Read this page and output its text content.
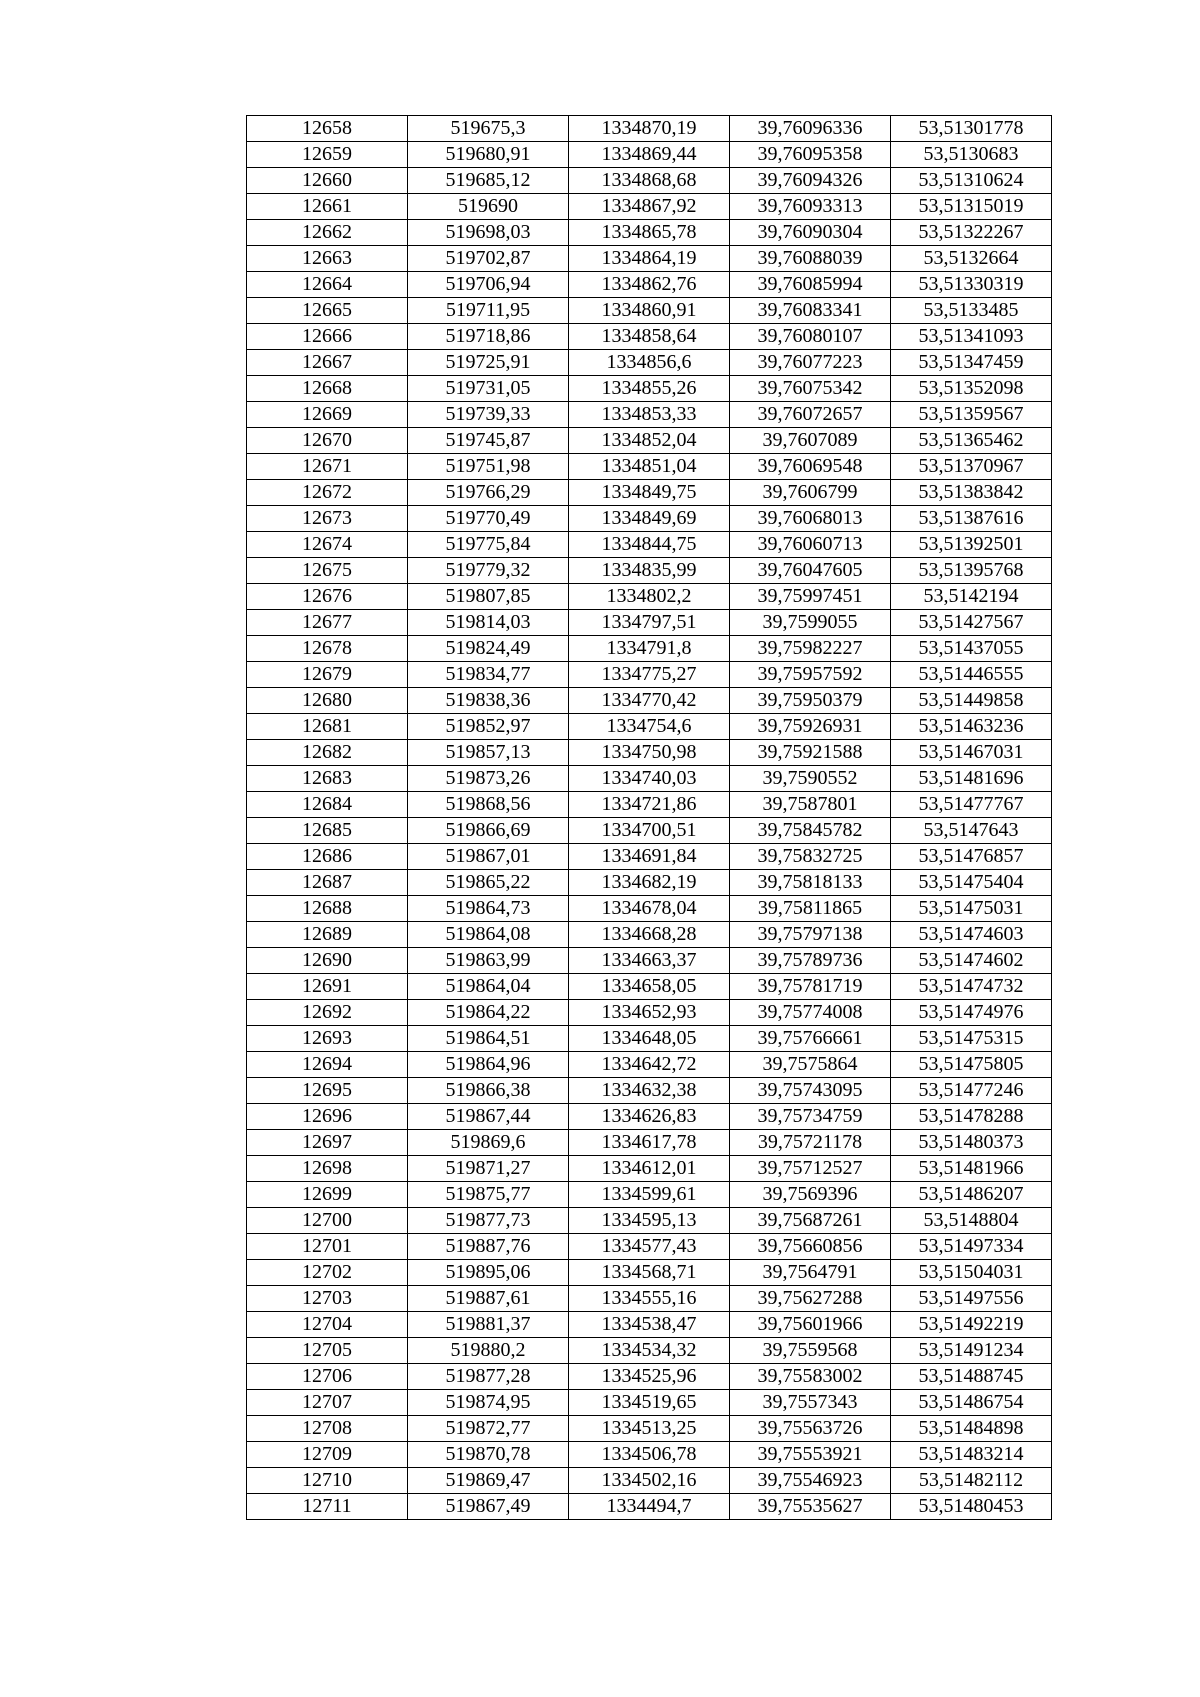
12658	519675,3	1334870,19	39,76096336	53,51301778
12659	519680,91	1334869,44	39,76095358	53,5130683
12660	519685,12	1334868,68	39,76094326	53,51310624
12661	519690	1334867,92	39,76093313	53,51315019
12662	519698,03	1334865,78	39,76090304	53,51322267
12663	519702,87	1334864,19	39,76088039	53,5132664
12664	519706,94	1334862,76	39,76085994	53,51330319
12665	519711,95	1334860,91	39,76083341	53,5133485
12666	519718,86	1334858,64	39,76080107	53,51341093
12667	519725,91	1334856,6	39,76077223	53,51347459
12668	519731,05	1334855,26	39,76075342	53,51352098
12669	519739,33	1334853,33	39,76072657	53,51359567
12670	519745,87	1334852,04	39,7607089	53,51365462
12671	519751,98	1334851,04	39,76069548	53,51370967
12672	519766,29	1334849,75	39,7606799	53,51383842
12673	519770,49	1334849,69	39,76068013	53,51387616
12674	519775,84	1334844,75	39,76060713	53,51392501
12675	519779,32	1334835,99	39,76047605	53,51395768
12676	519807,85	1334802,2	39,75997451	53,5142194
12677	519814,03	1334797,51	39,7599055	53,51427567
12678	519824,49	1334791,8	39,75982227	53,51437055
12679	519834,77	1334775,27	39,75957592	53,51446555
12680	519838,36	1334770,42	39,75950379	53,51449858
12681	519852,97	1334754,6	39,75926931	53,51463236
12682	519857,13	1334750,98	39,75921588	53,51467031
12683	519873,26	1334740,03	39,7590552	53,51481696
12684	519868,56	1334721,86	39,7587801	53,51477767
12685	519866,69	1334700,51	39,75845782	53,5147643
12686	519867,01	1334691,84	39,75832725	53,51476857
12687	519865,22	1334682,19	39,75818133	53,51475404
12688	519864,73	1334678,04	39,75811865	53,51475031
12689	519864,08	1334668,28	39,75797138	53,51474603
12690	519863,99	1334663,37	39,75789736	53,51474602
12691	519864,04	1334658,05	39,75781719	53,51474732
12692	519864,22	1334652,93	39,75774008	53,51474976
12693	519864,51	1334648,05	39,75766661	53,51475315
12694	519864,96	1334642,72	39,7575864	53,51475805
12695	519866,38	1334632,38	39,75743095	53,51477246
12696	519867,44	1334626,83	39,75734759	53,51478288
12697	519869,6	1334617,78	39,75721178	53,51480373
12698	519871,27	1334612,01	39,75712527	53,51481966
12699	519875,77	1334599,61	39,7569396	53,51486207
12700	519877,73	1334595,13	39,75687261	53,5148804
12701	519887,76	1334577,43	39,75660856	53,51497334
12702	519895,06	1334568,71	39,7564791	53,51504031
12703	519887,61	1334555,16	39,75627288	53,51497556
12704	519881,37	1334538,47	39,75601966	53,51492219
12705	519880,2	1334534,32	39,7559568	53,51491234
12706	519877,28	1334525,96	39,75583002	53,51488745
12707	519874,95	1334519,65	39,7557343	53,51486754
12708	519872,77	1334513,25	39,75563726	53,51484898
12709	519870,78	1334506,78	39,75553921	53,51483214
12710	519869,47	1334502,16	39,75546923	53,51482112
12711	519867,49	1334494,7	39,75535627	53,51480453
